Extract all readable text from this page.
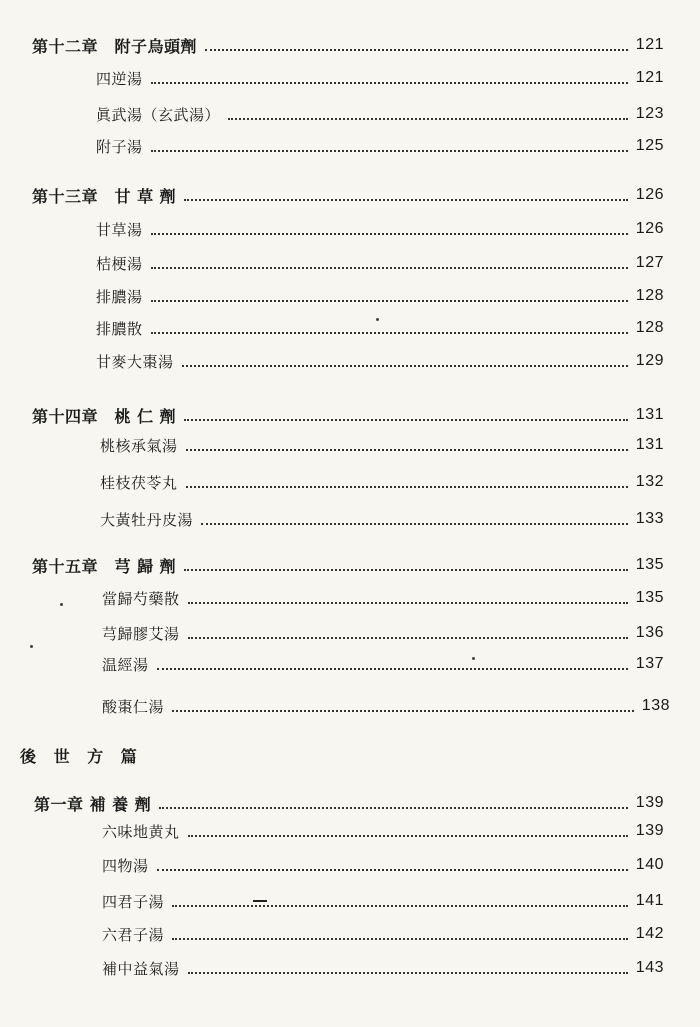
第十二章　附子烏頭劑	121
四逆湯	121
眞武湯（玄武湯）	123
附子湯	125
第十三章　甘 草 劑	126
甘草湯	126
桔梗湯	127
排膿湯	128
排膿散	128
甘麥大棗湯	129
第十四章　桃 仁 劑	131
桃核承氣湯	131
桂枝茯苓丸	132
大黃牡丹皮湯	133
第十五章　芎 歸 劑	135
當歸芍藥散	135
芎歸膠艾湯	136
温經湯	137
酸棗仁湯	138
後 世 方 篇
第一章 補 養 劑	139
六味地黄丸	139
四物湯	140
四君子湯	141
六君子湯	142
補中益氣湯	143
